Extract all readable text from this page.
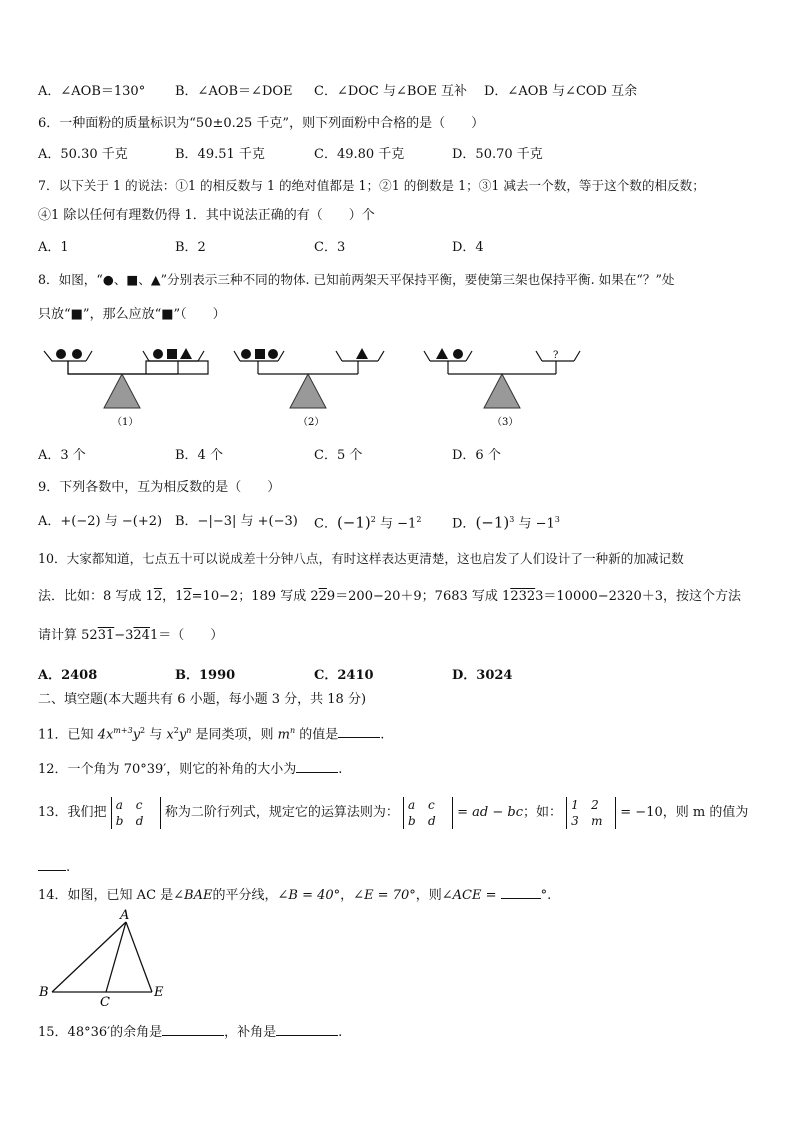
A．∠AOB＝130° B．∠AOB＝∠DOE C．∠DOC 与∠BOE 互补 D．∠AOB 与∠COD 互余
6．一种面粉的质量标识为“50±0.25 千克”，则下列面粉中合格的是（　　）
A．50.30 千克	B．49.51 千克	C．49.80 千克	D．50.70 千克
7．以下关于 1 的说法：①1 的相反数与 1 的绝对值都是 1；②1 的倒数是 1；③1 减去一个数，等于这个数的相反数；
④1 除以任何有理数仍得 1．其中说法正确的有（　　）个
A．1	B．2	C．3	D．4
8．如图，“●、■、▲”分别表示三种不同的物体. 已知前两架天平保持平衡，要使第三架也保持平衡. 如果在“？”处
只放“■”，那么应放“■”（　　）
（1）	（2）
?
（3）
A．3 个	B．4 个	C．5 个	D．6 个
9．下列各数中，互为相反数的是（　　）
A．+(−2) 与 −(+2) B．−|−3| 与 +(−3) C．$(-1)^2$ 与 $-1^2$ D．$(-1)^3$ 与 $-1^3$
10．大家都知道，七点五十可以说成差十分钟八点，有时这样表达更清楚，这也启发了人们设计了一种新的加减记数
法．比如：8 写成 12，12=10−2；189 写成 229＝200−20＋9；7683 写成 12323＝10000−2320＋3，按这个方法
请计算 5231−3241＝（　　）
A．2408	B．1990	C．2410	D．3024
二、填空题(本大题共有 6 小题，每小题 3 分，共 18 分)
11．已知 $4x^{m+3}y^2$ 与 $x^2y^n$ 是同类项，则 $m^n$ 的值是	.
12．一个角为 70°39′，则它的补角的大小为	.
13．我们把
a c
b d
称为二阶行列式，规定它的运算法则为：
a c
b d
= ad − bc；如：
1 2
3 m
= −10，则 m 的值为
.
14．如图，已知 AC 是∠BAE的平分线，∠B = 40°，∠E = 70°，则∠ACE =	°.
A
B
C
E
15．48°36′的余角是	，补角是	.
